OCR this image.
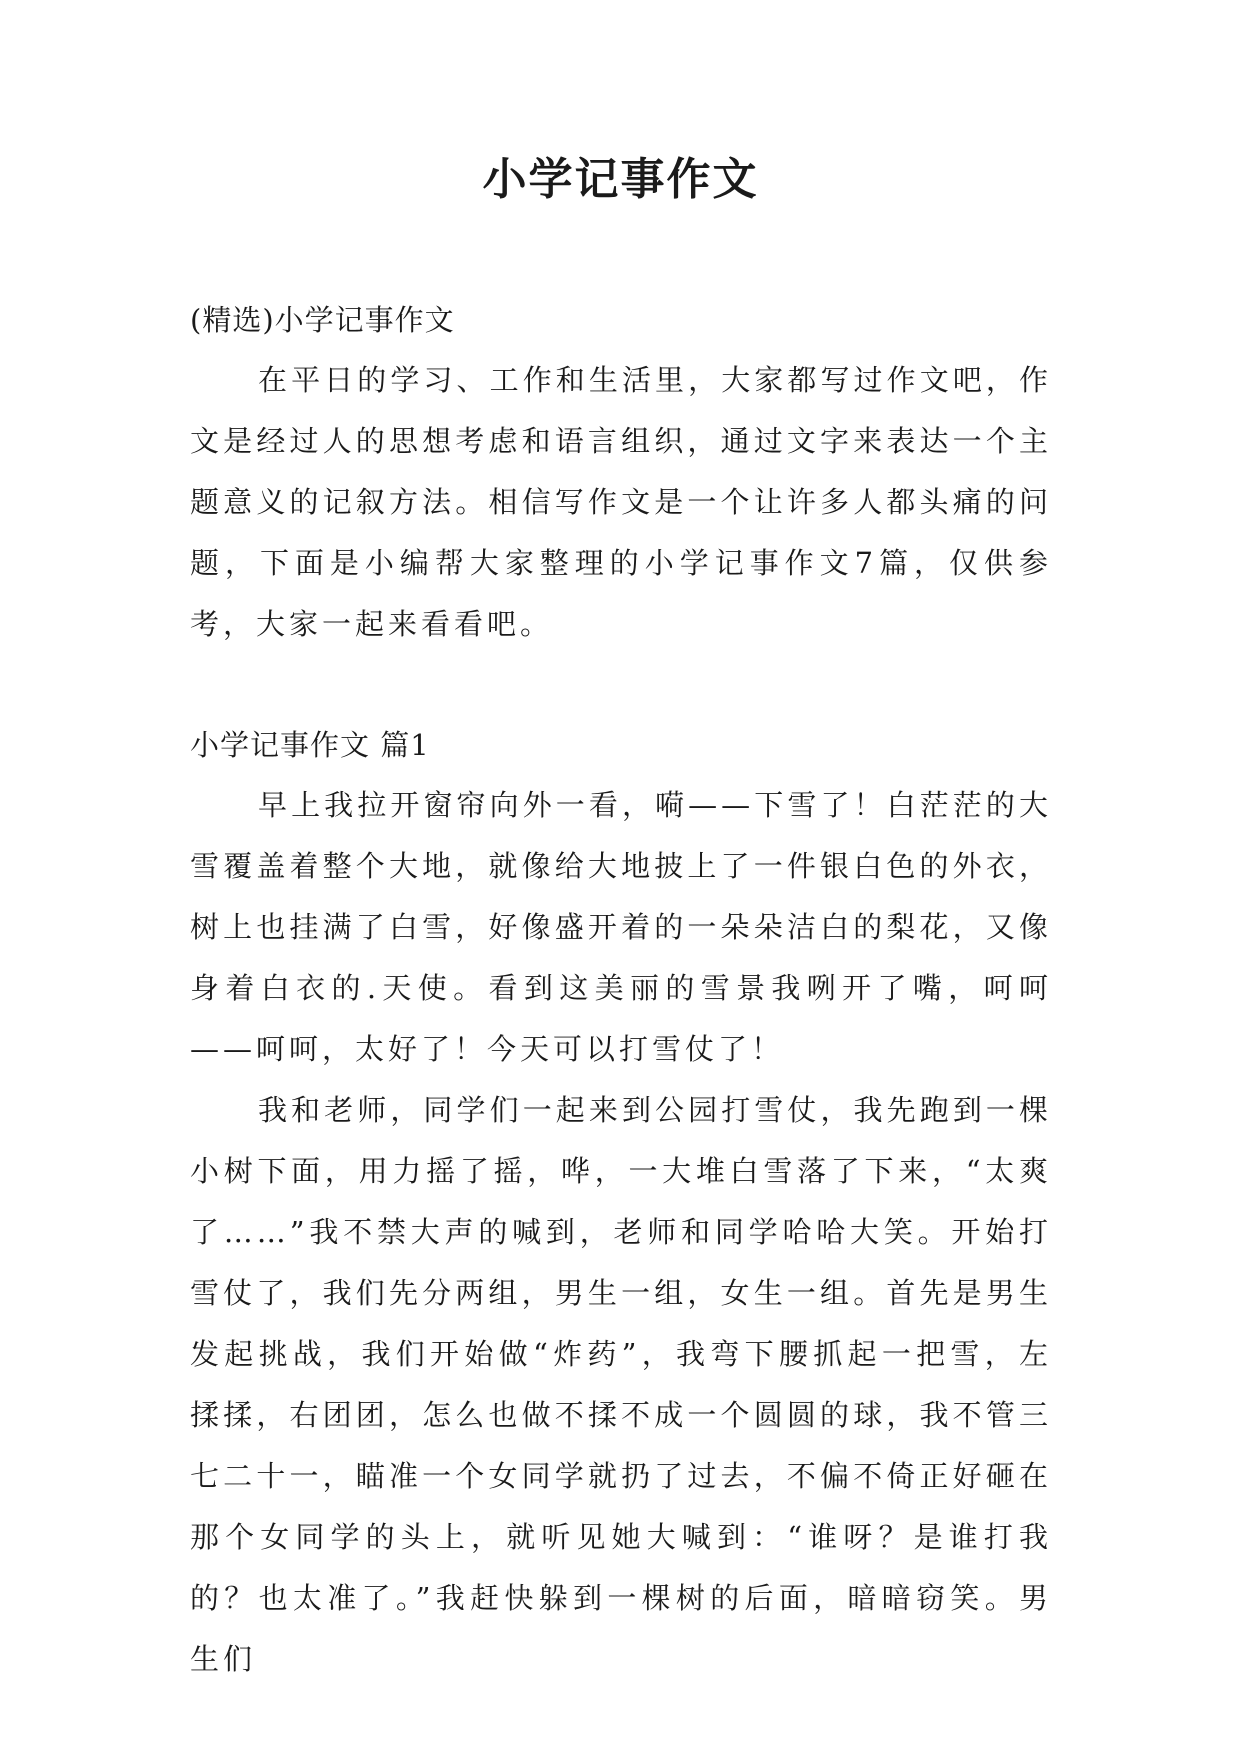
小学记事作文

(精选)小学记事作文

在平日的学习、工作和生活里，大家都写过作文吧，作文是经过人的思想考虑和语言组织，通过文字来表达一个主题意义的记叙方法。相信写作文是一个让许多人都头痛的问题，下面是小编帮大家整理的小学记事作文7篇，仅供参考，大家一起来看看吧。

小学记事作文 篇1

早上我拉开窗帘向外一看，嗬——下雪了！白茫茫的大雪覆盖着整个大地，就像给大地披上了一件银白色的外衣，树上也挂满了白雪，好像盛开着的一朵朵洁白的梨花，又像身着白衣的.天使。看到这美丽的雪景我咧开了嘴，呵呵——呵呵，太好了！今天可以打雪仗了！

我和老师，同学们一起来到公园打雪仗，我先跑到一棵小树下面，用力摇了摇，哗，一大堆白雪落了下来，“太爽了……”我不禁大声的喊到，老师和同学哈哈大笑。开始打雪仗了，我们先分两组，男生一组，女生一组。首先是男生发起挑战，我们开始做“炸药”，我弯下腰抓起一把雪，左揉揉，右团团，怎么也做不揉不成一个圆圆的球，我不管三七二十一，瞄准一个女同学就扔了过去，不偏不倚正好砸在那个女同学的头上，就听见她大喊到：“谁呀？是谁打我的？也太准了。”我赶快躲到一棵树的后面，暗暗窃笑。男生们
